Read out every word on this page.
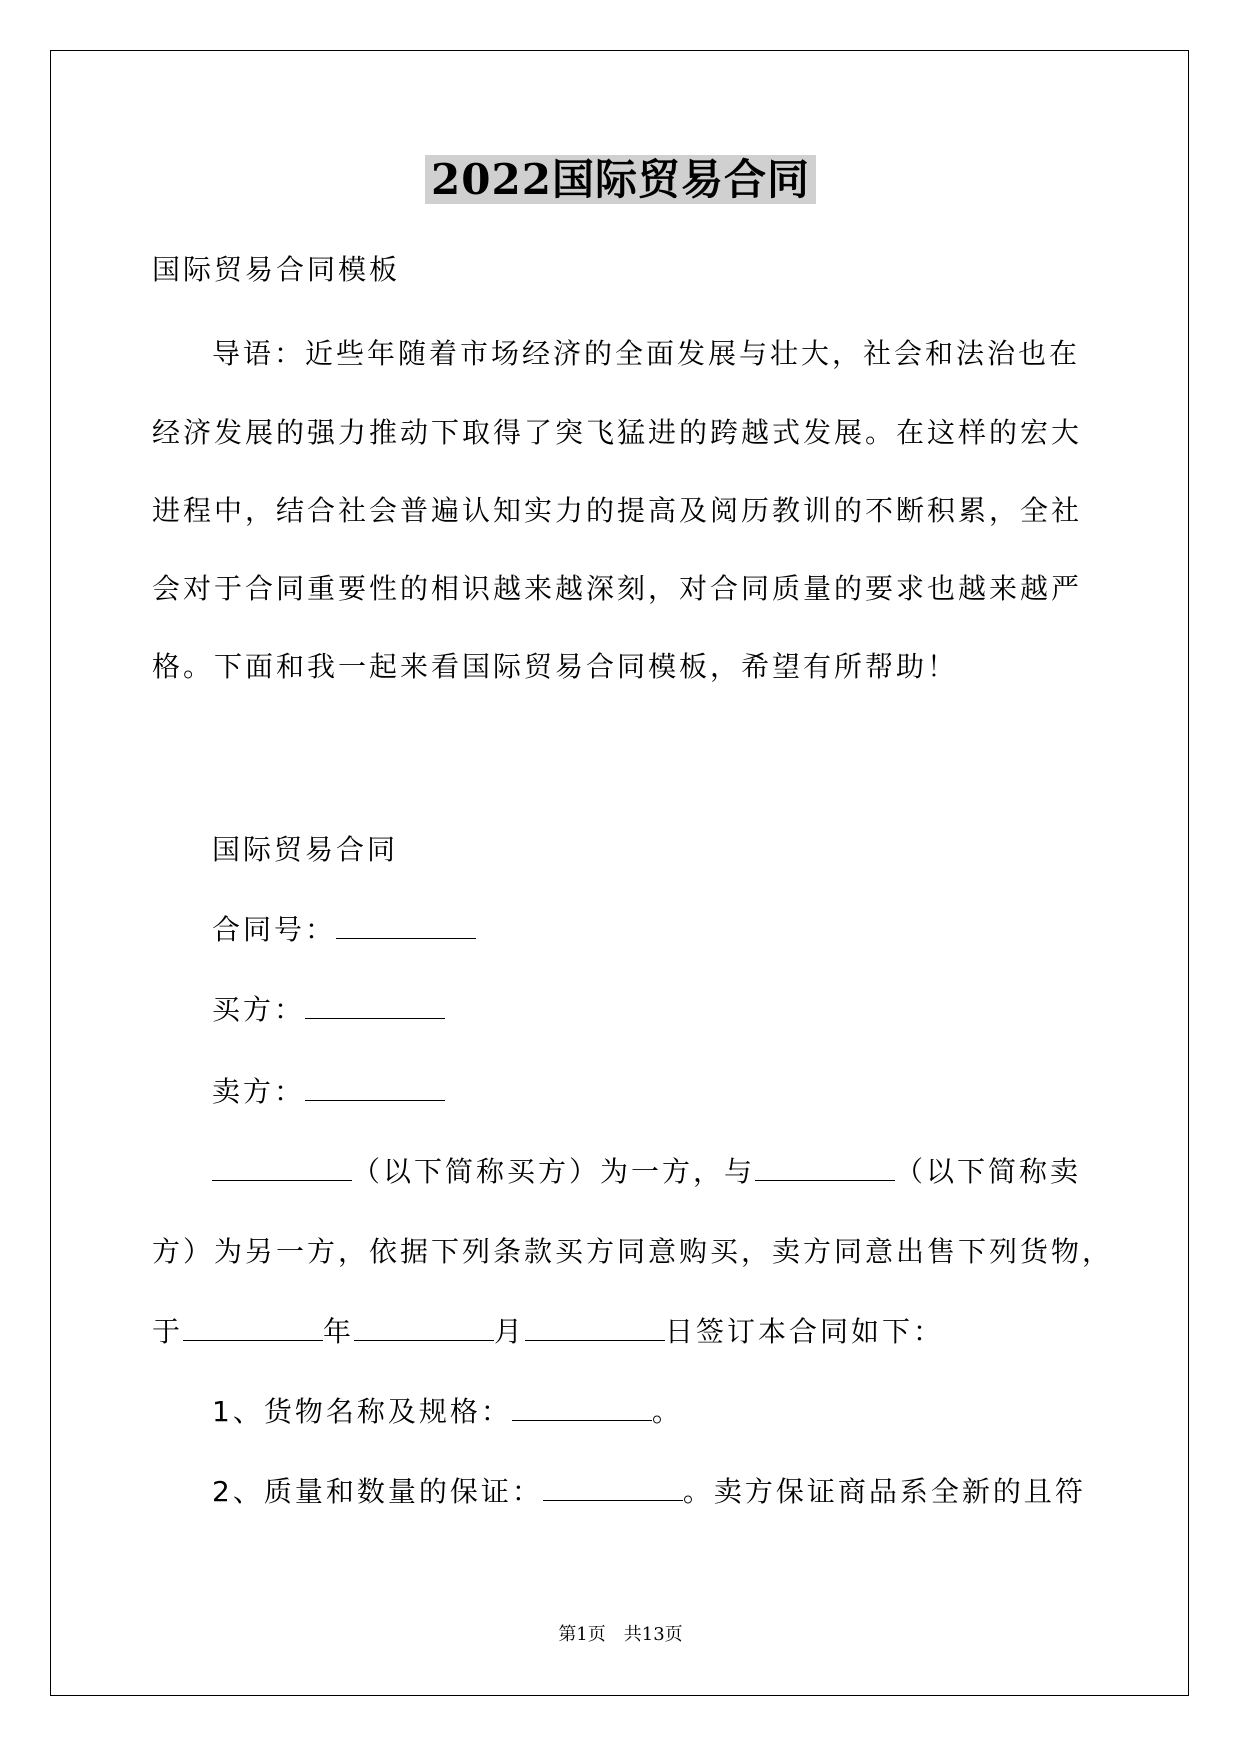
2022国际贸易合同

国际贸易合同模板

导语：近些年随着市场经济的全面发展与壮大，社会和法治也在

经济发展的强力推动下取得了突飞猛进的跨越式发展。在这样的宏大

进程中，结合社会普遍认知实力的提高及阅历教训的不断积累，全社

会对于合同重要性的相识越来越深刻，对合同质量的要求也越来越严

格。下面和我一起来看国际贸易合同模板，希望有所帮助！

国际贸易合同

合同号：

买方：

卖方：

（以下简称买方）为一方，与	（以下简称卖

方）为另一方，依据下列条款买方同意购买，卖方同意出售下列货物，

于	年	月	日签订本合同如下：

1、货物名称及规格：	。

2、质量和数量的保证：	。卖方保证商品系全新的且符

第1页　共13页
